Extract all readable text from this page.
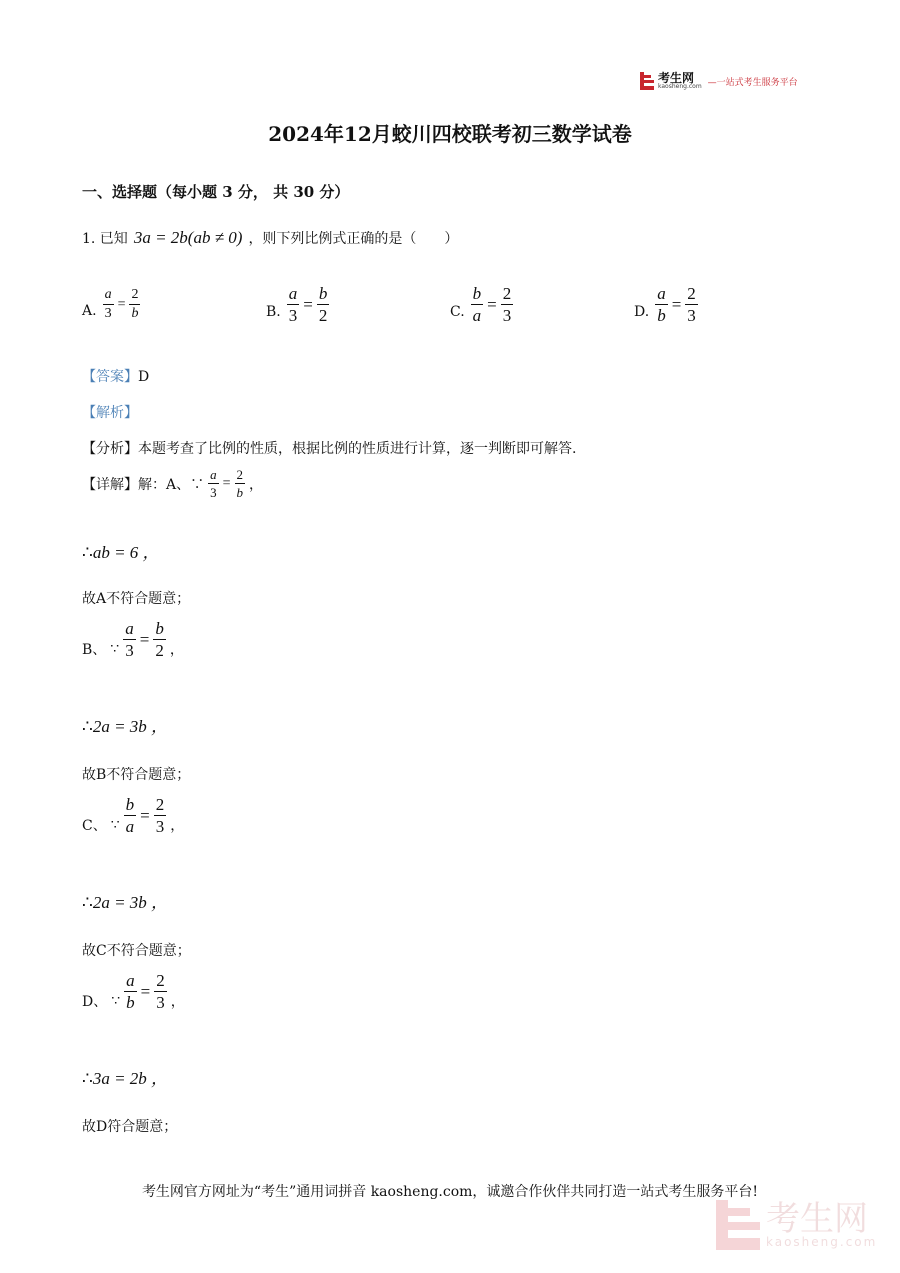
考生网
kaosheng.com —一站式考生服务平台
2024年12月蛟川四校联考初三数学试卷
一、选择题（每小题 3 分， 共 30 分）
1. 已知 3a = 2b(ab ≠ 0) ，则下列比例式正确的是（　　）
A. $\frac{a}{3} = \frac{2}{b}$	B. $\frac{a}{3} = \frac{b}{2}$	C. $\frac{b}{a} = \frac{2}{3}$	D. $\frac{a}{b} = \frac{2}{3}$
【答案】D
【解析】
【分析】本题考查了比例的性质，根据比例的性质进行计算，逐一判断即可解答.
【详解】解：A、∵ $\frac{a}{3} = \frac{2}{b}$ ，
∴ab = 6 ，
故A不符合题意；
B、 ∵ $\frac{a}{3} = \frac{b}{2}$ ，
∴2a = 3b ，
故B不符合题意；
C、 ∵ $\frac{b}{a} = \frac{2}{3}$ ，
∴2a = 3b ，
故C不符合题意；
D、 ∵ $\frac{a}{b} = \frac{2}{3}$ ，
∴3a = 2b ，
故D符合题意；
考生网官方网址为“考生”通用词拼音 kaosheng.com，诚邀合作伙伴共同打造一站式考生服务平台!
考生网
kaosheng.com
